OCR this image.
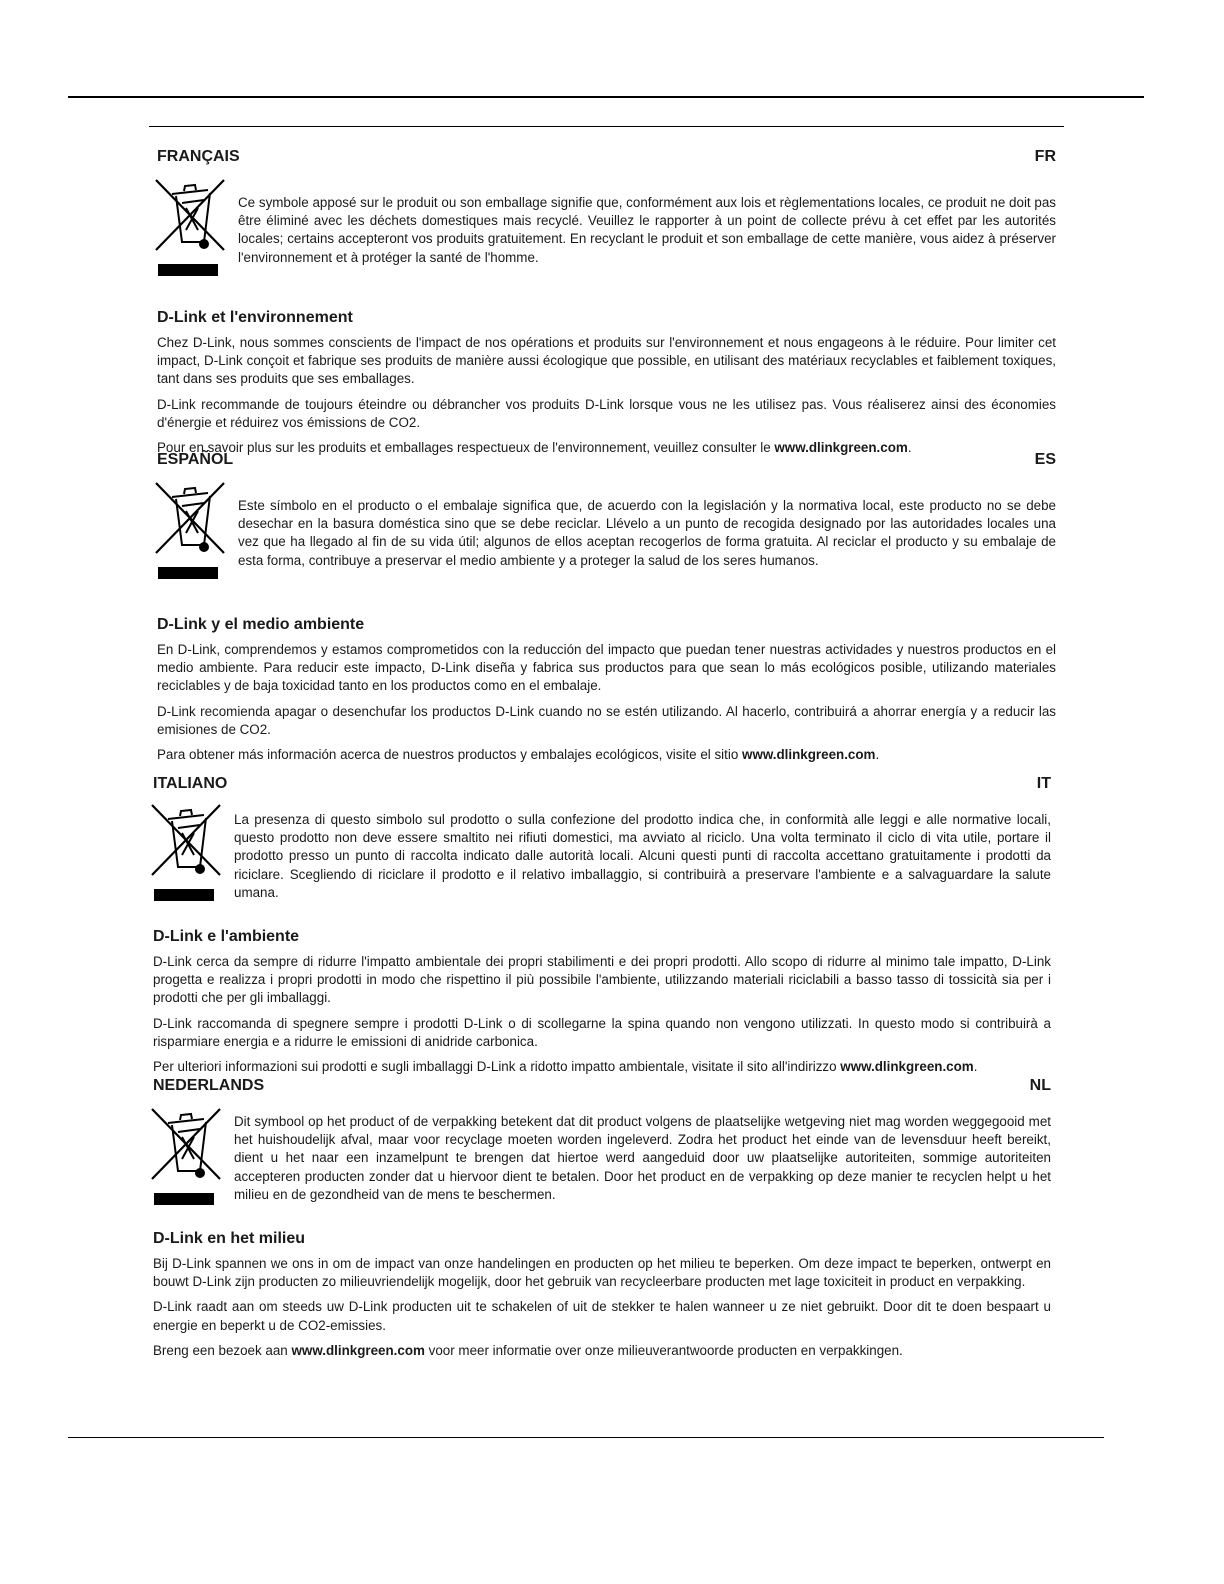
FRANÇAIS	FR
Ce symbole apposé sur le produit ou son emballage signifie que, conformément aux lois et règlementations locales, ce produit ne doit pas être éliminé avec les déchets domestiques mais recyclé. Veuillez le rapporter à un point de collecte prévu à cet effet par les autorités locales; certains accepteront vos produits gratuitement. En recyclant le produit et son emballage de cette manière, vous aidez à préserver l'environnement et à protéger la santé de l'homme.

D-Link et l'environnement

Chez D-Link, nous sommes conscients de l'impact de nos opérations et produits sur l'environnement et nous engageons à le réduire. Pour limiter cet impact, D-Link conçoit et fabrique ses produits de manière aussi écologique que possible, en utilisant des matériaux recyclables et faiblement toxiques, tant dans ses produits que ses emballages.

D-Link recommande de toujours éteindre ou débrancher vos produits D-Link lorsque vous ne les utilisez pas. Vous réaliserez ainsi des économies d'énergie et réduirez vos émissions de CO2.

Pour en savoir plus sur les produits et emballages respectueux de l'environnement, veuillez consulter le www.dlinkgreen.com.

ESPAÑOL	ES
Este símbolo en el producto o el embalaje significa que, de acuerdo con la legislación y la normativa local, este producto no se debe desechar en la basura doméstica sino que se debe reciclar. Llévelo a un punto de recogida designado por las autoridades locales una vez que ha llegado al fin de su vida útil; algunos de ellos aceptan recogerlos de forma gratuita. Al reciclar el producto y su embalaje de esta forma, contribuye a preservar el medio ambiente y a proteger la salud de los seres humanos.

D-Link y el medio ambiente

En D-Link, comprendemos y estamos comprometidos con la reducción del impacto que puedan tener nuestras actividades y nuestros productos en el medio ambiente. Para reducir este impacto, D-Link diseña y fabrica sus productos para que sean lo más ecológicos posible, utilizando materiales reciclables y de baja toxicidad tanto en los productos como en el embalaje.

D-Link recomienda apagar o desenchufar los productos D-Link cuando no se estén utilizando. Al hacerlo, contribuirá a ahorrar energía y a reducir las emisiones de CO2.

Para obtener más información acerca de nuestros productos y embalajes ecológicos, visite el sitio www.dlinkgreen.com.

ITALIANO	IT
La presenza di questo simbolo sul prodotto o sulla confezione del prodotto indica che, in conformità alle leggi e alle normative locali, questo prodotto non deve essere smaltito nei rifiuti domestici, ma avviato al riciclo. Una volta terminato il ciclo di vita utile, portare il prodotto presso un punto di raccolta indicato dalle autorità locali. Alcuni questi punti di raccolta accettano gratuitamente i prodotti da riciclare. Scegliendo di riciclare il prodotto e il relativo imballaggio, si contribuirà a preservare l'ambiente e a salvaguardare la salute umana.

D-Link e l'ambiente

D-Link cerca da sempre di ridurre l'impatto ambientale dei propri stabilimenti e dei propri prodotti. Allo scopo di ridurre al minimo tale impatto, D-Link progetta e realizza i propri prodotti in modo che rispettino il più possibile l'ambiente, utilizzando materiali riciclabili a basso tasso di tossicità sia per i prodotti che per gli imballaggi.

D-Link raccomanda di spegnere sempre i prodotti D-Link o di scollegarne la spina quando non vengono utilizzati. In questo modo si contribuirà a risparmiare energia e a ridurre le emissioni di anidride carbonica.

Per ulteriori informazioni sui prodotti e sugli imballaggi D-Link a ridotto impatto ambientale, visitate il sito all'indirizzo www.dlinkgreen.com.

NEDERLANDS	NL
Dit symbool op het product of de verpakking betekent dat dit product volgens de plaatselijke wetgeving niet mag worden weggegooid met het huishoudelijk afval, maar voor recyclage moeten worden ingeleverd. Zodra het product het einde van de levensduur heeft bereikt, dient u het naar een inzamelpunt te brengen dat hiertoe werd aangeduid door uw plaatselijke autoriteiten, sommige autoriteiten accepteren producten zonder dat u hiervoor dient te betalen. Door het product en de verpakking op deze manier te recyclen helpt u het milieu en de gezondheid van de mens te beschermen.

D-Link en het milieu

Bij D-Link spannen we ons in om de impact van onze handelingen en producten op het milieu te beperken. Om deze impact te beperken, ontwerpt en bouwt D-Link zijn producten zo milieuvriendelijk mogelijk, door het gebruik van recycleerbare producten met lage toxiciteit in product en verpakking.

D-Link raadt aan om steeds uw D-Link producten uit te schakelen of uit de stekker te halen wanneer u ze niet gebruikt. Door dit te doen bespaart u energie en beperkt u de CO2-emissies.

Breng een bezoek aan www.dlinkgreen.com voor meer informatie over onze milieuverantwoorde producten en verpakkingen.
